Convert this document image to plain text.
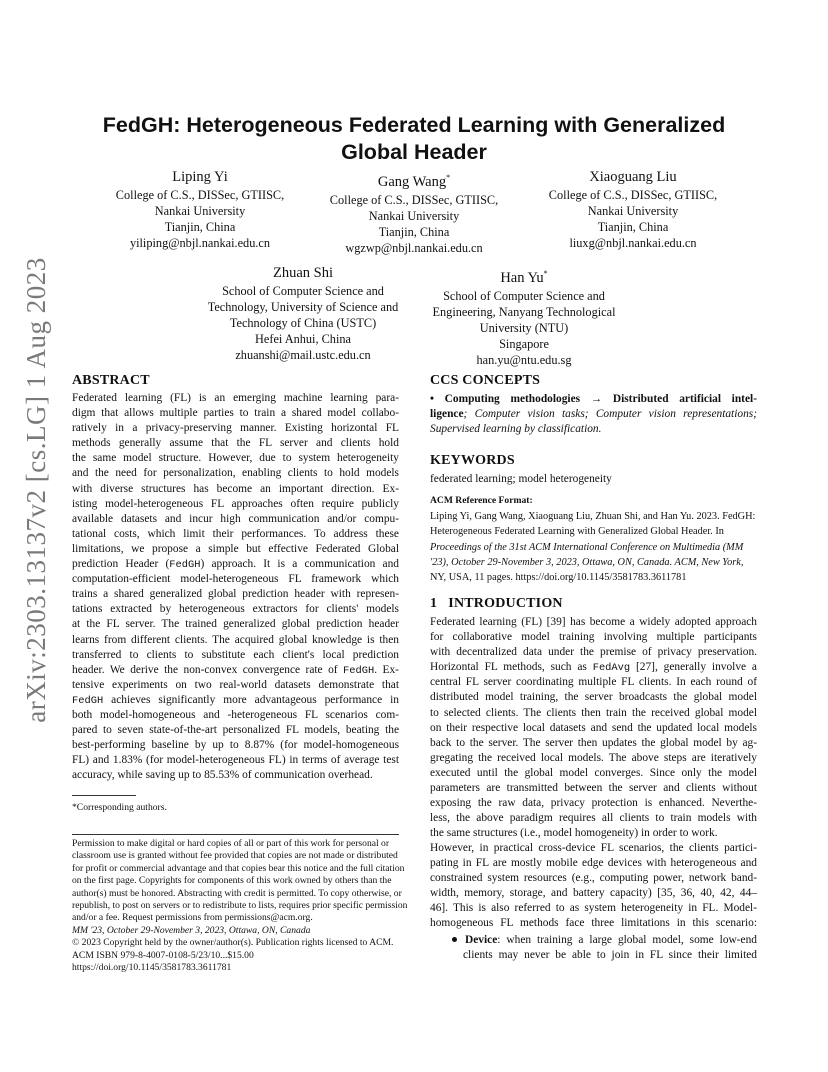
arXiv:2303.13137v2 [cs.LG] 1 Aug 2023
FedGH: Heterogeneous Federated Learning with Generalized
Global Header
Liping Yi
College of C.S., DISSec, GTIISC,
Nankai University
Tianjin, China
yiliping@nbjl.nankai.edu.cn
Gang Wang*
College of C.S., DISSec, GTIISC,
Nankai University
Tianjin, China
wgzwp@nbjl.nankai.edu.cn
Xiaoguang Liu
College of C.S., DISSec, GTIISC,
Nankai University
Tianjin, China
liuxg@nbjl.nankai.edu.cn
Zhuan Shi
School of Computer Science and
Technology, University of Science and
Technology of China (USTC)
Hefei Anhui, China
zhuanshi@mail.ustc.edu.cn
Han Yu*
School of Computer Science and
Engineering, Nanyang Technological
University (NTU)
Singapore
han.yu@ntu.edu.sg
ABSTRACT
Federated learning (FL) is an emerging machine learning para-
digm that allows multiple parties to train a shared model collabo-
ratively in a privacy-preserving manner. Existing horizontal FL
methods generally assume that the FL server and clients hold
the same model structure. However, due to system heterogeneity
and the need for personalization, enabling clients to hold models
with diverse structures has become an important direction. Ex-
isting model-heterogeneous FL approaches often require publicly
available datasets and incur high communication and/or compu-
tational costs, which limit their performances. To address these
limitations, we propose a simple but effective Federated Global
prediction Header (FedGH) approach. It is a communication and
computation-efficient model-heterogeneous FL framework which
trains a shared generalized global prediction header with represen-
tations extracted by heterogeneous extractors for clients' models
at the FL server. The trained generalized global prediction header
learns from different clients. The acquired global knowledge is then
transferred to clients to substitute each client's local prediction
header. We derive the non-convex convergence rate of FedGH. Ex-
tensive experiments on two real-world datasets demonstrate that
FedGH achieves significantly more advantageous performance in
both model-homogeneous and -heterogeneous FL scenarios com-
pared to seven state-of-the-art personalized FL models, beating the
best-performing baseline by up to 8.87% (for model-homogeneous
FL) and 1.83% (for model-heterogeneous FL) in terms of average test
accuracy, while saving up to 85.53% of communication overhead.
*Corresponding authors.
Permission to make digital or hard copies of all or part of this work for personal or
classroom use is granted without fee provided that copies are not made or distributed
for profit or commercial advantage and that copies bear this notice and the full citation
on the first page. Copyrights for components of this work owned by others than the
author(s) must be honored. Abstracting with credit is permitted. To copy otherwise, or
republish, to post on servers or to redistribute to lists, requires prior specific permission
and/or a fee. Request permissions from permissions@acm.org.
MM '23, October 29-November 3, 2023, Ottawa, ON, Canada
© 2023 Copyright held by the owner/author(s). Publication rights licensed to ACM.
ACM ISBN 979-8-4007-0108-5/23/10...$15.00
https://doi.org/10.1145/3581783.3611781
CCS CONCEPTS
• Computing methodologies → Distributed artificial intel-
ligence; Computer vision tasks; Computer vision representations;
Supervised learning by classification.
KEYWORDS
federated learning; model heterogeneity
ACM Reference Format:
Liping Yi, Gang Wang, Xiaoguang Liu, Zhuan Shi, and Han Yu. 2023. FedGH:
Heterogeneous Federated Learning with Generalized Global Header. In
Proceedings of the 31st ACM International Conference on Multimedia (MM
'23), October 29-November 3, 2023, Ottawa, ON, Canada. ACM, New York,
NY, USA, 11 pages. https://doi.org/10.1145/3581783.3611781
1   INTRODUCTION
Federated learning (FL) [39] has become a widely adopted approach
for collaborative model training involving multiple participants
with decentralized data under the premise of privacy preservation.
Horizontal FL methods, such as FedAvg [27], generally involve a
central FL server coordinating multiple FL clients. In each round of
distributed model training, the server broadcasts the global model
to selected clients. The clients then train the received global model
on their respective local datasets and send the updated local models
back to the server. The server then updates the global model by ag-
gregating the received local models. The above steps are iteratively
executed until the global model converges. Since only the model
parameters are transmitted between the server and clients without
exposing the raw data, privacy protection is enhanced. Neverthe-
less, the above paradigm requires all clients to train models with
the same structures (i.e., model homogeneity) in order to work.
However, in practical cross-device FL scenarios, the clients partici-
pating in FL are mostly mobile edge devices with heterogeneous and
constrained system resources (e.g., computing power, network band-
width, memory, storage, and battery capacity) [35, 36, 40, 42, 44–
46]. This is also referred to as system heterogeneity in FL. Model-
homogeneous FL methods face three limitations in this scenario:
Device: when training a large global model, some low-end
clients may never be able to join in FL since their limited
